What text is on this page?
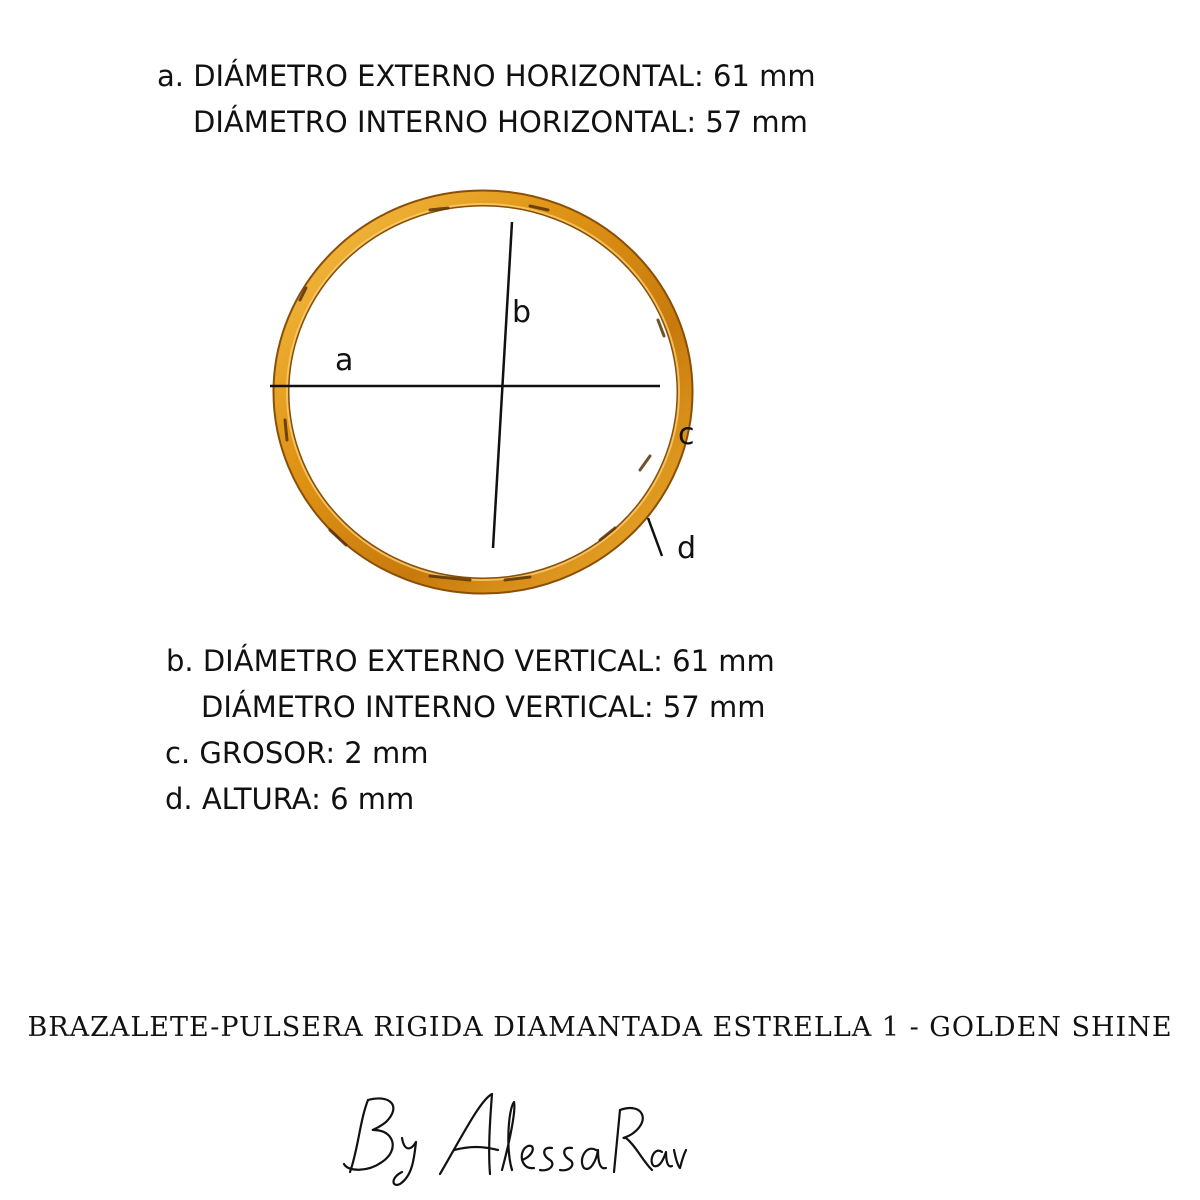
a. DIÁMETRO EXTERNO HORIZONTAL: 61 mm
DIÁMETRO INTERNO HORIZONTAL: 57 mm
a
b
c
d
b. DIÁMETRO EXTERNO VERTICAL: 61 mm
DIÁMETRO INTERNO VERTICAL: 57 mm
c. GROSOR: 2 mm
d. ALTURA: 6 mm
BRAZALETE-PULSERA RIGIDA DIAMANTADA ESTRELLA 1 - GOLDEN SHINE
